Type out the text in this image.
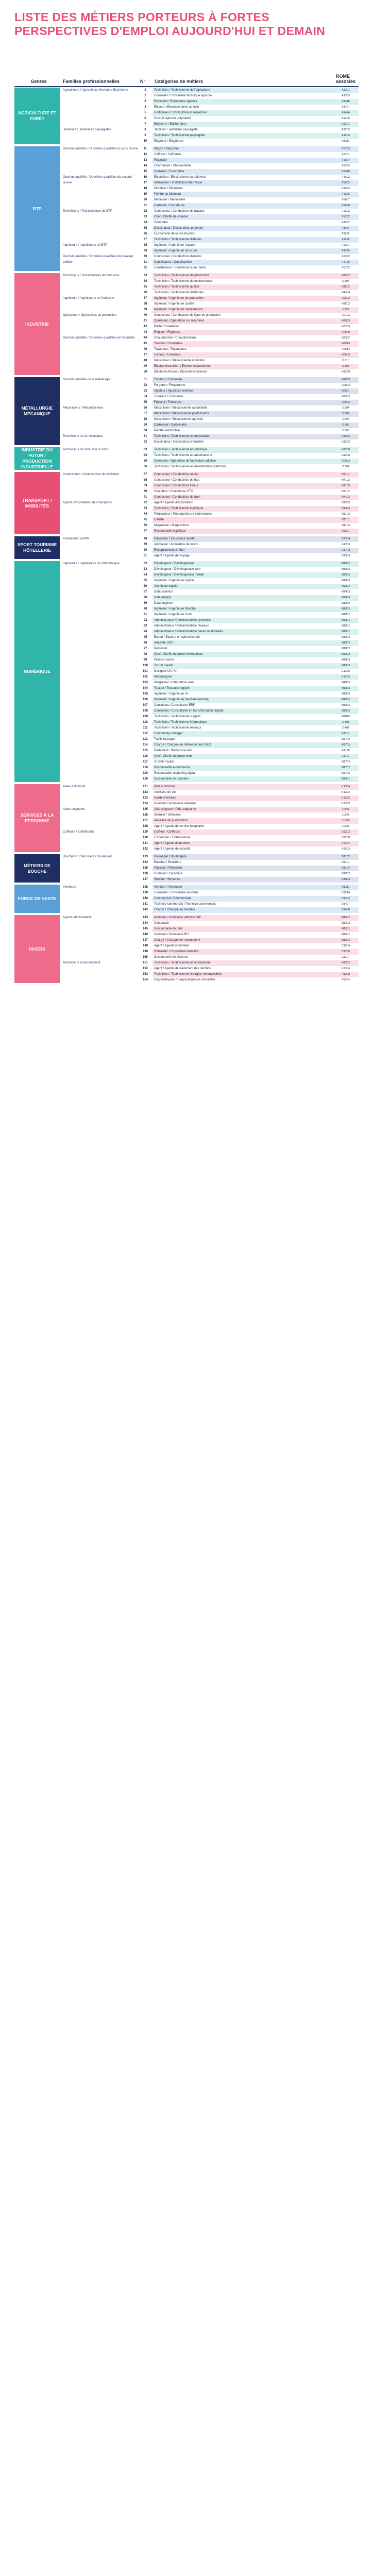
LISTE DES MÉTIERS PORTEURS À FORTES PERSPECTIVES D'EMPLOI AUJOURD'HUI ET DEMAIN
Genres	Familles professionnelles	N°	Catégories de métiers
ROME associés
AGRICULTURE ET FORÊT
Agriculteurs / Agriculteurs éleveurs / Bûcherons	1	Technicien / Technicienne de l'agriculture	A1301
2	Conseiller / Conseillère technique agricole	A1303
3	Exploitant / Exploitante agricole	A1416
4	Éleveur / Éleveuse bovin ou ovin	A1407
5	Horticulteur / Horticultrice et maraîcher	A1414
6	Ouvrier agricole polyvalent	A1405
7	Bûcheron / Bûcheronne	A1201
Jardiniers / Jardinières paysagistes	8	Jardinier / Jardinière paysagiste	A1203
9	Technicien / Technicienne paysagiste	A1204
10	Élagueur / Élagueuse	A1211
BTP
Ouvriers qualifiés / Ouvrières qualifiées du gros œuvre	11	Maçon / Maçonne	F1703
12	Coffreur / Coffreuse	F1701
13	Plaquiste	F1604
14	Charpentier / Charpentière	F1503
15	Couvreur / Couvreuse	F1610
Ouvriers qualifiés / Ouvrières qualifiées du second œuvre
16	Électricien / Électricienne du bâtiment	F1602
17	Installateur / Installatrice thermique	F1603
18	Plombier / Plombière	F1603
19	Peintre en bâtiment	F1606
20	Menuisier / Menuisière	F1607
21	Carreleur / Carreleuse	F1608
Techniciens / Techniciennes du BTP	22	Conducteur / Conductrice de travaux	F1202
23	Chef / Cheffe de chantier	F1202
24	Géomètre	F1103
25	Dessinateur / Dessinatrice projeteur	F1104
26	Économiste de la construction	F1106
27	Technicien / Technicienne d'études	F1106
Ingénieurs / Ingénieures du BTP	28	Ingénieur / Ingénieure travaux	F1201
29	Ingénieur / Ingénieure structure	F1106
Ouvriers qualifiés / Ouvrières qualifiées des travaux publics
30	Conducteur / Conductrice d'engins	F1302
31	Canalisateur / Canalisatrice	F1705
32	Constructeur / Constructrice de routes	F1702
INDUSTRIE
Techniciens / Techniciennes de l'industrie	33	Technicien / Technicienne de production	H2502
34	Technicien / Technicienne de maintenance	I1304
35	Technicien / Technicienne qualité	H1502
36	Technicien / Technicienne méthodes	H1404
Ingénieurs / Ingénieures de l'industrie	37	Ingénieur / Ingénieure de production	H2502
38	Ingénieur / Ingénieure qualité	H1502
39	Ingénieur / Ingénieure maintenance	I1102
Opérateurs / Opératrices de production	40	Conducteur / Conductrice de ligne de production	H2102
41	Opérateur / Opératrice sur machines	H2903
42	Pilote d'installation	H3203
43	Régleur / Régleuse	H2909
Ouvriers qualifiés / Ouvrières qualifiées de l'industrie	44	Chaudronnier / Chaudronnière	H2902
45	Soudeur / Soudeuse	H2913
46	Tuyauteur / Tuyauteuse	H2914
47	Usineur / Usineuse	H2903
48	Mécanicien / Mécanicienne industriel	I1310
49	Électromécanicien / Électromécanicienne	I1304
50	Électrotechnicien / Électrotechnicienne	H1208
MÉTALLURGIE MÉCANIQUE
Ouvriers qualifiés de la métallurgie	51	Fondeur / Fondeuse	H2803
52	Forgeron / Forgeronne	H2802
53	Ajusteur / Ajusteuse monteur	H2901
54	Tourneur / Tourneuse	H2903
55	Fraiseur / Fraiseuse	H2903
Mécaniciens / Mécaniciennes	56	Mécanicien / Mécanicienne automobile	I1604
57	Mécanicien / Mécanicienne poids lourds	I1604
58	Mécanicien / Mécanicienne agricole	I1603
59	Carrossier / Carrossière	I1606
60	Peintre automobile	I1606
Techniciens de la mécanique	61	Technicien / Technicienne en mécanique	H1206
62	Dessinateur / Dessinatrice industriel	H1203
INDUSTRIE DU FUTUR / PRODUCTION INDUSTRIELLE
Techniciens de l'industrie du futur	63	Technicien / Technicienne en robotique	H1208
64	Technicien / Technicienne en automatisme	H1208
65	Opérateur / Opératrice de fabrication additive	H2903
66	Technicien / Technicienne en maintenance prédictive	I1304
TRANSPORT / MOBILITÉS
Conducteurs / Conductrices de véhicules	67	Conducteur / Conductrice routier	N4101
68	Conducteur / Conductrice de bus	N4103
69	Conducteur / Conductrice livreur	N4105
70	Chauffeur / Chauffeuse VTC	N4102
71	Conducteur / Conductrice de train	N4403
Agents d'exploitation des transports	72	Agent / Agente d'exploitation	N1303
73	Technicien / Technicienne logistique	N1303
74	Préparateur / Préparatrice de commandes	N1103
75	Cariste	N1101
76	Magasinier / Magasinière	N1103
77	Responsable logistique	N1301
SPORT TOURISME HÔTELLERIE
Animateurs sportifs	78	Éducateur / Éducatrice sportif	G1204
79	Animateur / Animatrice de loisirs	G1203
80	Réceptionniste d'hôtel	G1703
81	Agent / Agente de voyage	G1303
NUMÉRIQUE
Ingénieurs / Ingénieures de l'informatique	82	Développeur / Développeuse	M1805
83	Développeur / Développeuse web	M1805
84	Développeur / Développeuse mobile	M1805
85	Ingénieur / Ingénieure logiciel	M1805
86	Architecte logiciel	M1802
87	Data scientist	M1403
88	Data analyst	M1403
89	Data engineer	M1805
90	Ingénieur / Ingénieure DevOps	M1805
91	Ingénieur / Ingénieure cloud	M1801
92	Administrateur / Administratrice systèmes	M1801
93	Administrateur / Administratrice réseaux	M1801
94	Administrateur / Administratrice bases de données	M1801
95	Expert / Experte en cybersécurité	M1802
96	Analyste SOC	M1802
97	Pentester	M1802
98	Chef / Cheffe de projet informatique	M1803
99	Product owner	M1803
100	Scrum master	M1803
101	Designer UX / UI	E1205
102	Webdesigner	E1205
103	Intégrateur / Intégratrice web	M1805
104	Testeur / Testeuse logiciel	M1805
105	Ingénieur / Ingénieure IA	M1805
106	Ingénieur / Ingénieure machine learning	M1805
107	Consultant / Consultante ERP	M1806
108	Consultant / Consultante en transformation digitale	M1806
109	Technicien / Technicienne support	M1810
110	Technicien / Technicienne informatique	I1401
111	Technicien / Technicienne réseaux	I1401
112	Community manager	E1101
113	Traffic manager	M1705
114	Chargé / Chargée de référencement SEO	M1705
115	Rédacteur / Rédactrice web	E1106
116	Chef / Cheffe de projet web	E1101
117	Growth hacker	M1705
118	Responsable e-commerce	M1707
119	Responsable marketing digital	M1705
120	Gestionnaire de données	M1801
SERVICES À LA PERSONNE
Aides à domicile	121	Aide à domicile	K1304
122	Auxiliaire de vie	K1302
123	Garde d'enfants	K1303
124	Assistant / Assistante maternel	K1303
Aides-soignants	125	Aide-soignant / Aide-soignante	J1501
126	Infirmier / Infirmière	J1506
127	Auxiliaire de puériculture	J1304
128	Agent / Agente de service hospitalier	J1301
Coiffeurs / Esthéticiens	129	Coiffeur / Coiffeuse	D1202
130	Esthéticien / Esthéticienne	D1208
131	Agent / Agente d'entretien	K2204
132	Agent / Agente de sécurité	K2503
MÉTIERS DE BOUCHE
Bouchers / Charcutiers / Boulangers	133	Boulanger / Boulangère	D1102
134	Boucher / Bouchère	D1101
135	Pâtissier / Pâtissière	D1104
136	Cuisinier / Cuisinière	G1602
137	Serveur / Serveuse	G1803
FORCE DE VENTE
Vendeurs	138	Vendeur / Vendeuse	D1211
139	Conseiller / Conseillère de vente	D1214
140	Commercial / Commerciale	D1402
141	Technico-commercial / Technico-commerciale	D1407
142	Chargé / Chargée de clientèle	D1408
DIVERS
Agents administratifs	143	Assistant / Assistante administratif	M1602
144	Comptable	M1203
145	Gestionnaire de paie	M1501
146	Assistant / Assistante RH	M1501
147	Chargé / Chargée de recrutement	M1502
148	Agent / Agente immobilier	C1504
149	Conseiller / Conseillère bancaire	C1206
150	Gestionnaire de sinistres	C1107
Techniciens environnement	151	Technicien / Technicienne environnement	H1302
152	Agent / Agente de traitement des déchets	K2304
153	Technicien / Technicienne énergies renouvelables	H1208
154	Diagnostiqueur / Diagnostiqueuse immobilier	F1204
